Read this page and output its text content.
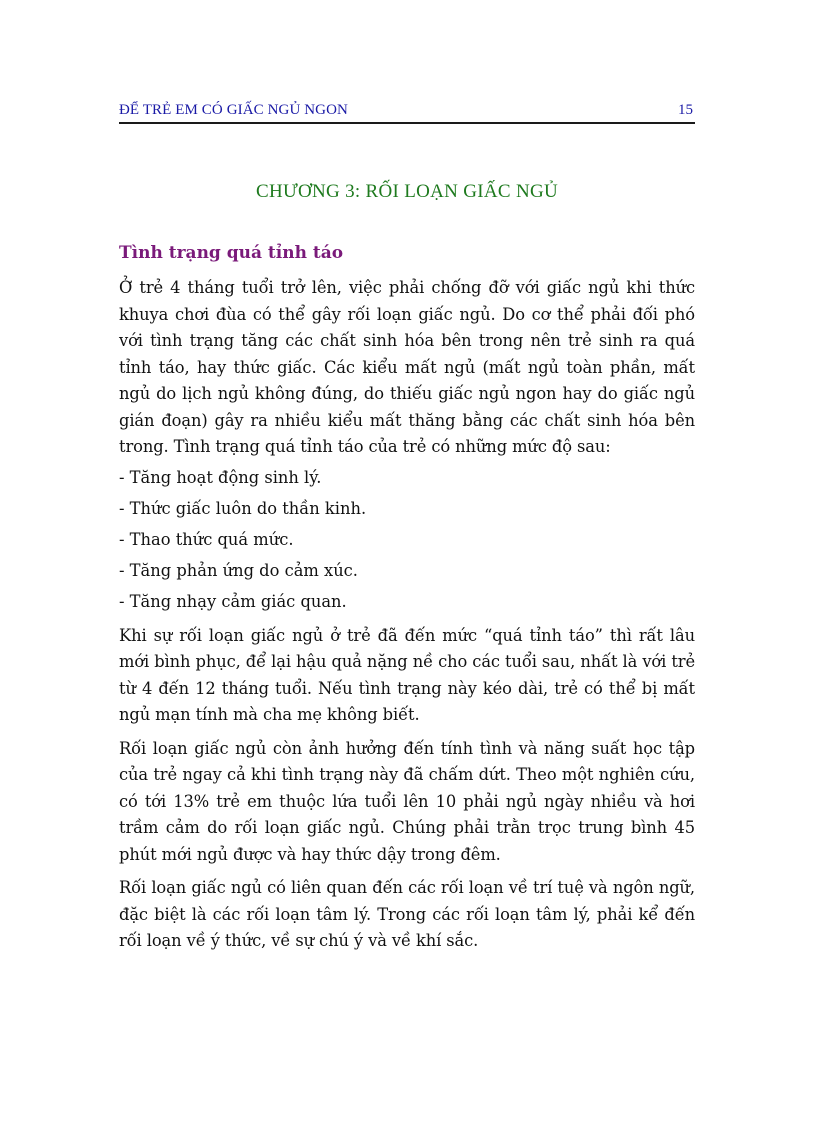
ĐỂ TRẺ EM CÓ GIẤC NGỦ NGON	15
CHƯƠNG 3: RỐI LOẠN GIẤC NGỦ
Tình trạng quá tỉnh táo

Ở trẻ 4 tháng tuổi trở lên, việc phải chống đỡ với giấc ngủ khi thức khuya chơi đùa có thể gây rối loạn giấc ngủ. Do cơ thể phải đối phó với tình trạng tăng các chất sinh hóa bên trong nên trẻ sinh ra quá tỉnh táo, hay thức giấc. Các kiểu mất ngủ (mất ngủ toàn phần, mất ngủ do lịch ngủ không đúng, do thiếu giấc ngủ ngon hay do giấc ngủ gián đoạn) gây ra nhiều kiểu mất thăng bằng các chất sinh hóa bên trong. Tình trạng quá tỉnh táo của trẻ có những mức độ sau:

- Tăng hoạt động sinh lý.
- Thức giấc luôn do thần kinh.
- Thao thức quá mức.
- Tăng phản ứng do cảm xúc.
- Tăng nhạy cảm giác quan.

Khi sự rối loạn giấc ngủ ở trẻ đã đến mức “quá tỉnh táo” thì rất lâu mới bình phục, để lại hậu quả nặng nề cho các tuổi sau, nhất là với trẻ từ 4 đến 12 tháng tuổi. Nếu tình trạng này kéo dài, trẻ có thể bị mất ngủ mạn tính mà cha mẹ không biết.

Rối loạn giấc ngủ còn ảnh hưởng đến tính tình và năng suất học tập của trẻ ngay cả khi tình trạng này đã chấm dứt. Theo một nghiên cứu, có tới 13% trẻ em thuộc lứa tuổi lên 10 phải ngủ ngày nhiều và hơi trầm cảm do rối loạn giấc ngủ. Chúng phải trằn trọc trung bình 45 phút mới ngủ được và hay thức dậy trong đêm.

Rối loạn giấc ngủ có liên quan đến các rối loạn về trí tuệ và ngôn ngữ, đặc biệt là các rối loạn tâm lý. Trong các rối loạn tâm lý, phải kể đến rối loạn về ý thức, về sự chú ý và về khí sắc.
